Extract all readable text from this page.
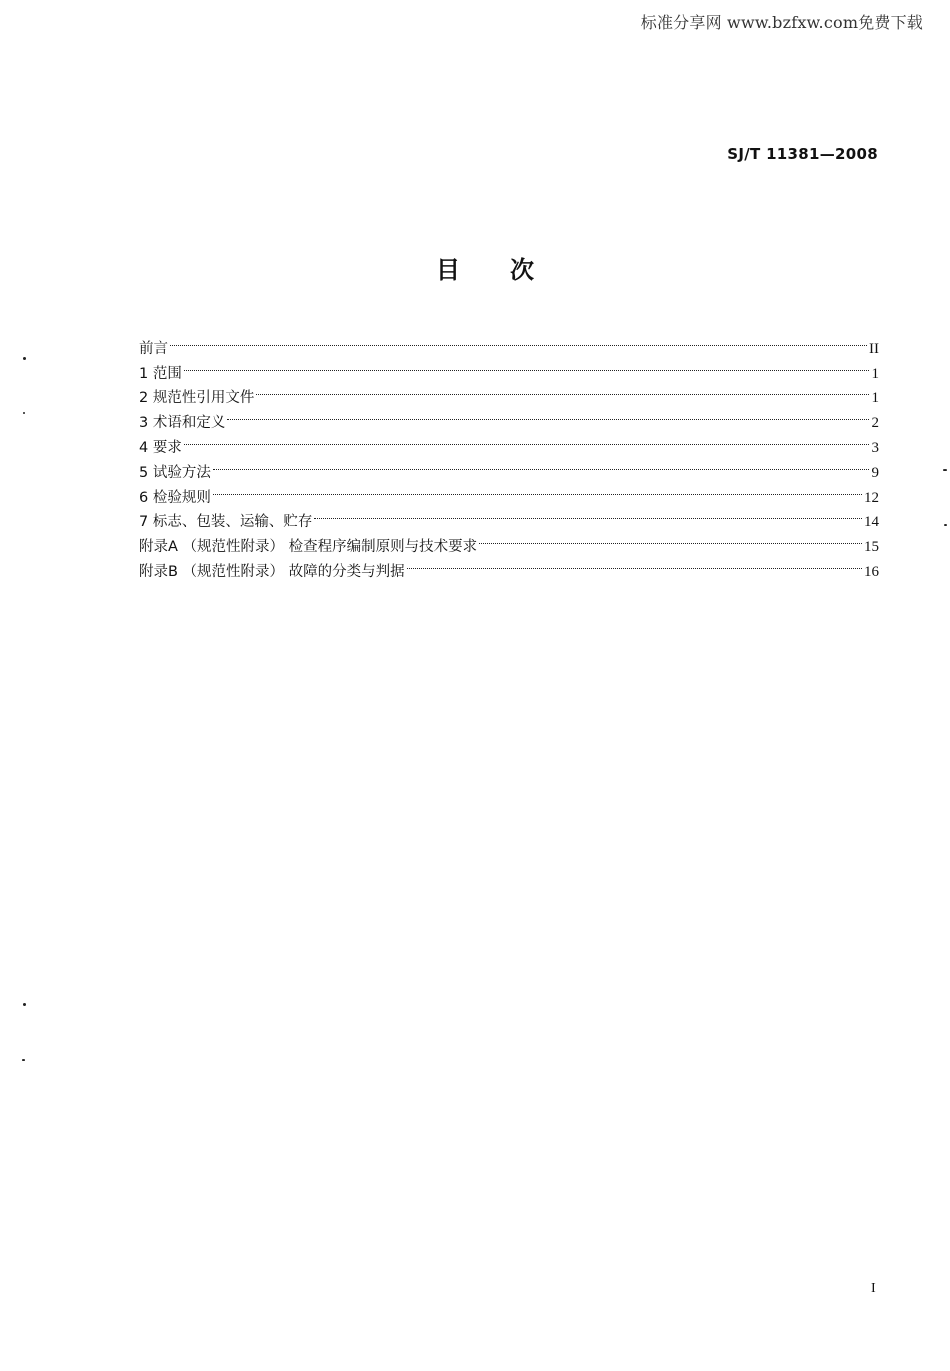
标准分享网 www.bzfxw.com免费下载
SJ/T 11381—2008
目次
前言	II
1 范围	1
2 规范性引用文件	1
3 术语和定义	2
4 要求	3
5 试验方法	9
6 检验规则	12
7 标志、包装、运输、贮存	14
附录A （规范性附录） 检查程序编制原则与技术要求	15
附录B （规范性附录） 故障的分类与判据	16
I
